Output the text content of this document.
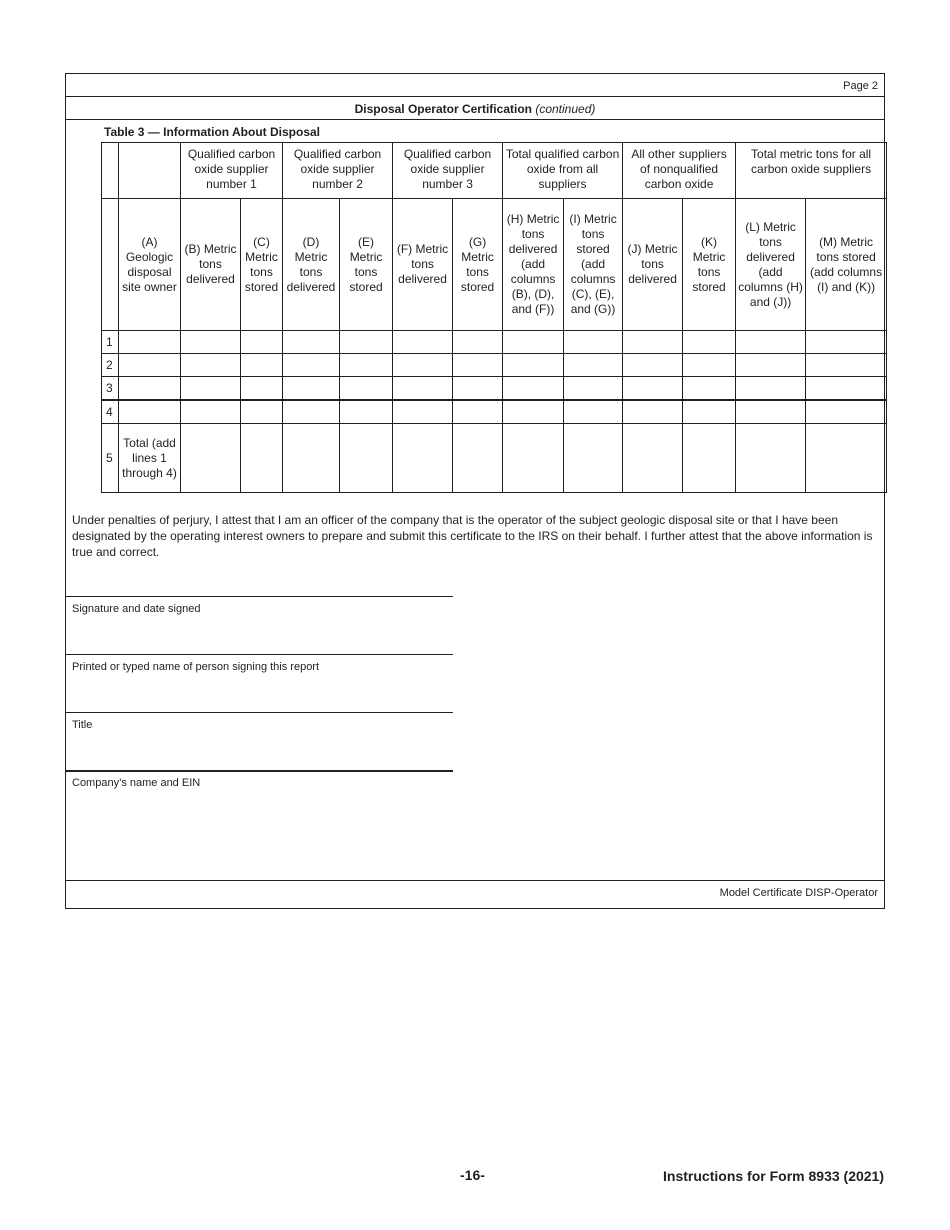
Page 2
Disposal Operator Certification (continued)
Table 3 — Information About Disposal
		Qualified carbon oxide supplier number 1		Qualified carbon oxide supplier number 2		Qualified carbon oxide supplier number 3		Total qualified carbon oxide from all suppliers		All other suppliers of nonqualified carbon oxide		Total metric tons for all carbon oxide suppliers	
	(A) Geologic disposal site owner	(B) Metric tons delivered	(C) Metric tons stored	(D) Metric tons delivered	(E) Metric tons stored	(F) Metric tons delivered	(G) Metric tons stored	(H) Metric tons delivered (add columns (B), (D), and (F))	(I) Metric tons stored (add columns (C), (E), and (G))	(J) Metric tons delivered	(K) Metric tons stored	(L) Metric tons delivered (add columns (H) and (J))	(M) Metric tons stored (add columns (I) and (K))
1													
2													
3													
4													
5	Total (add lines 1 through 4)												
Under penalties of perjury, I attest that I am an officer of the company that is the operator of the subject geologic disposal site or that I have been designated by the operating interest owners to prepare and submit this certificate to the IRS on their behalf. I further attest that the above information is true and correct.
Signature and date signed
Printed or typed name of person signing this report
Title
Company’s name and EIN
Model Certificate DISP-Operator
-16-	Instructions for Form 8933 (2021)
